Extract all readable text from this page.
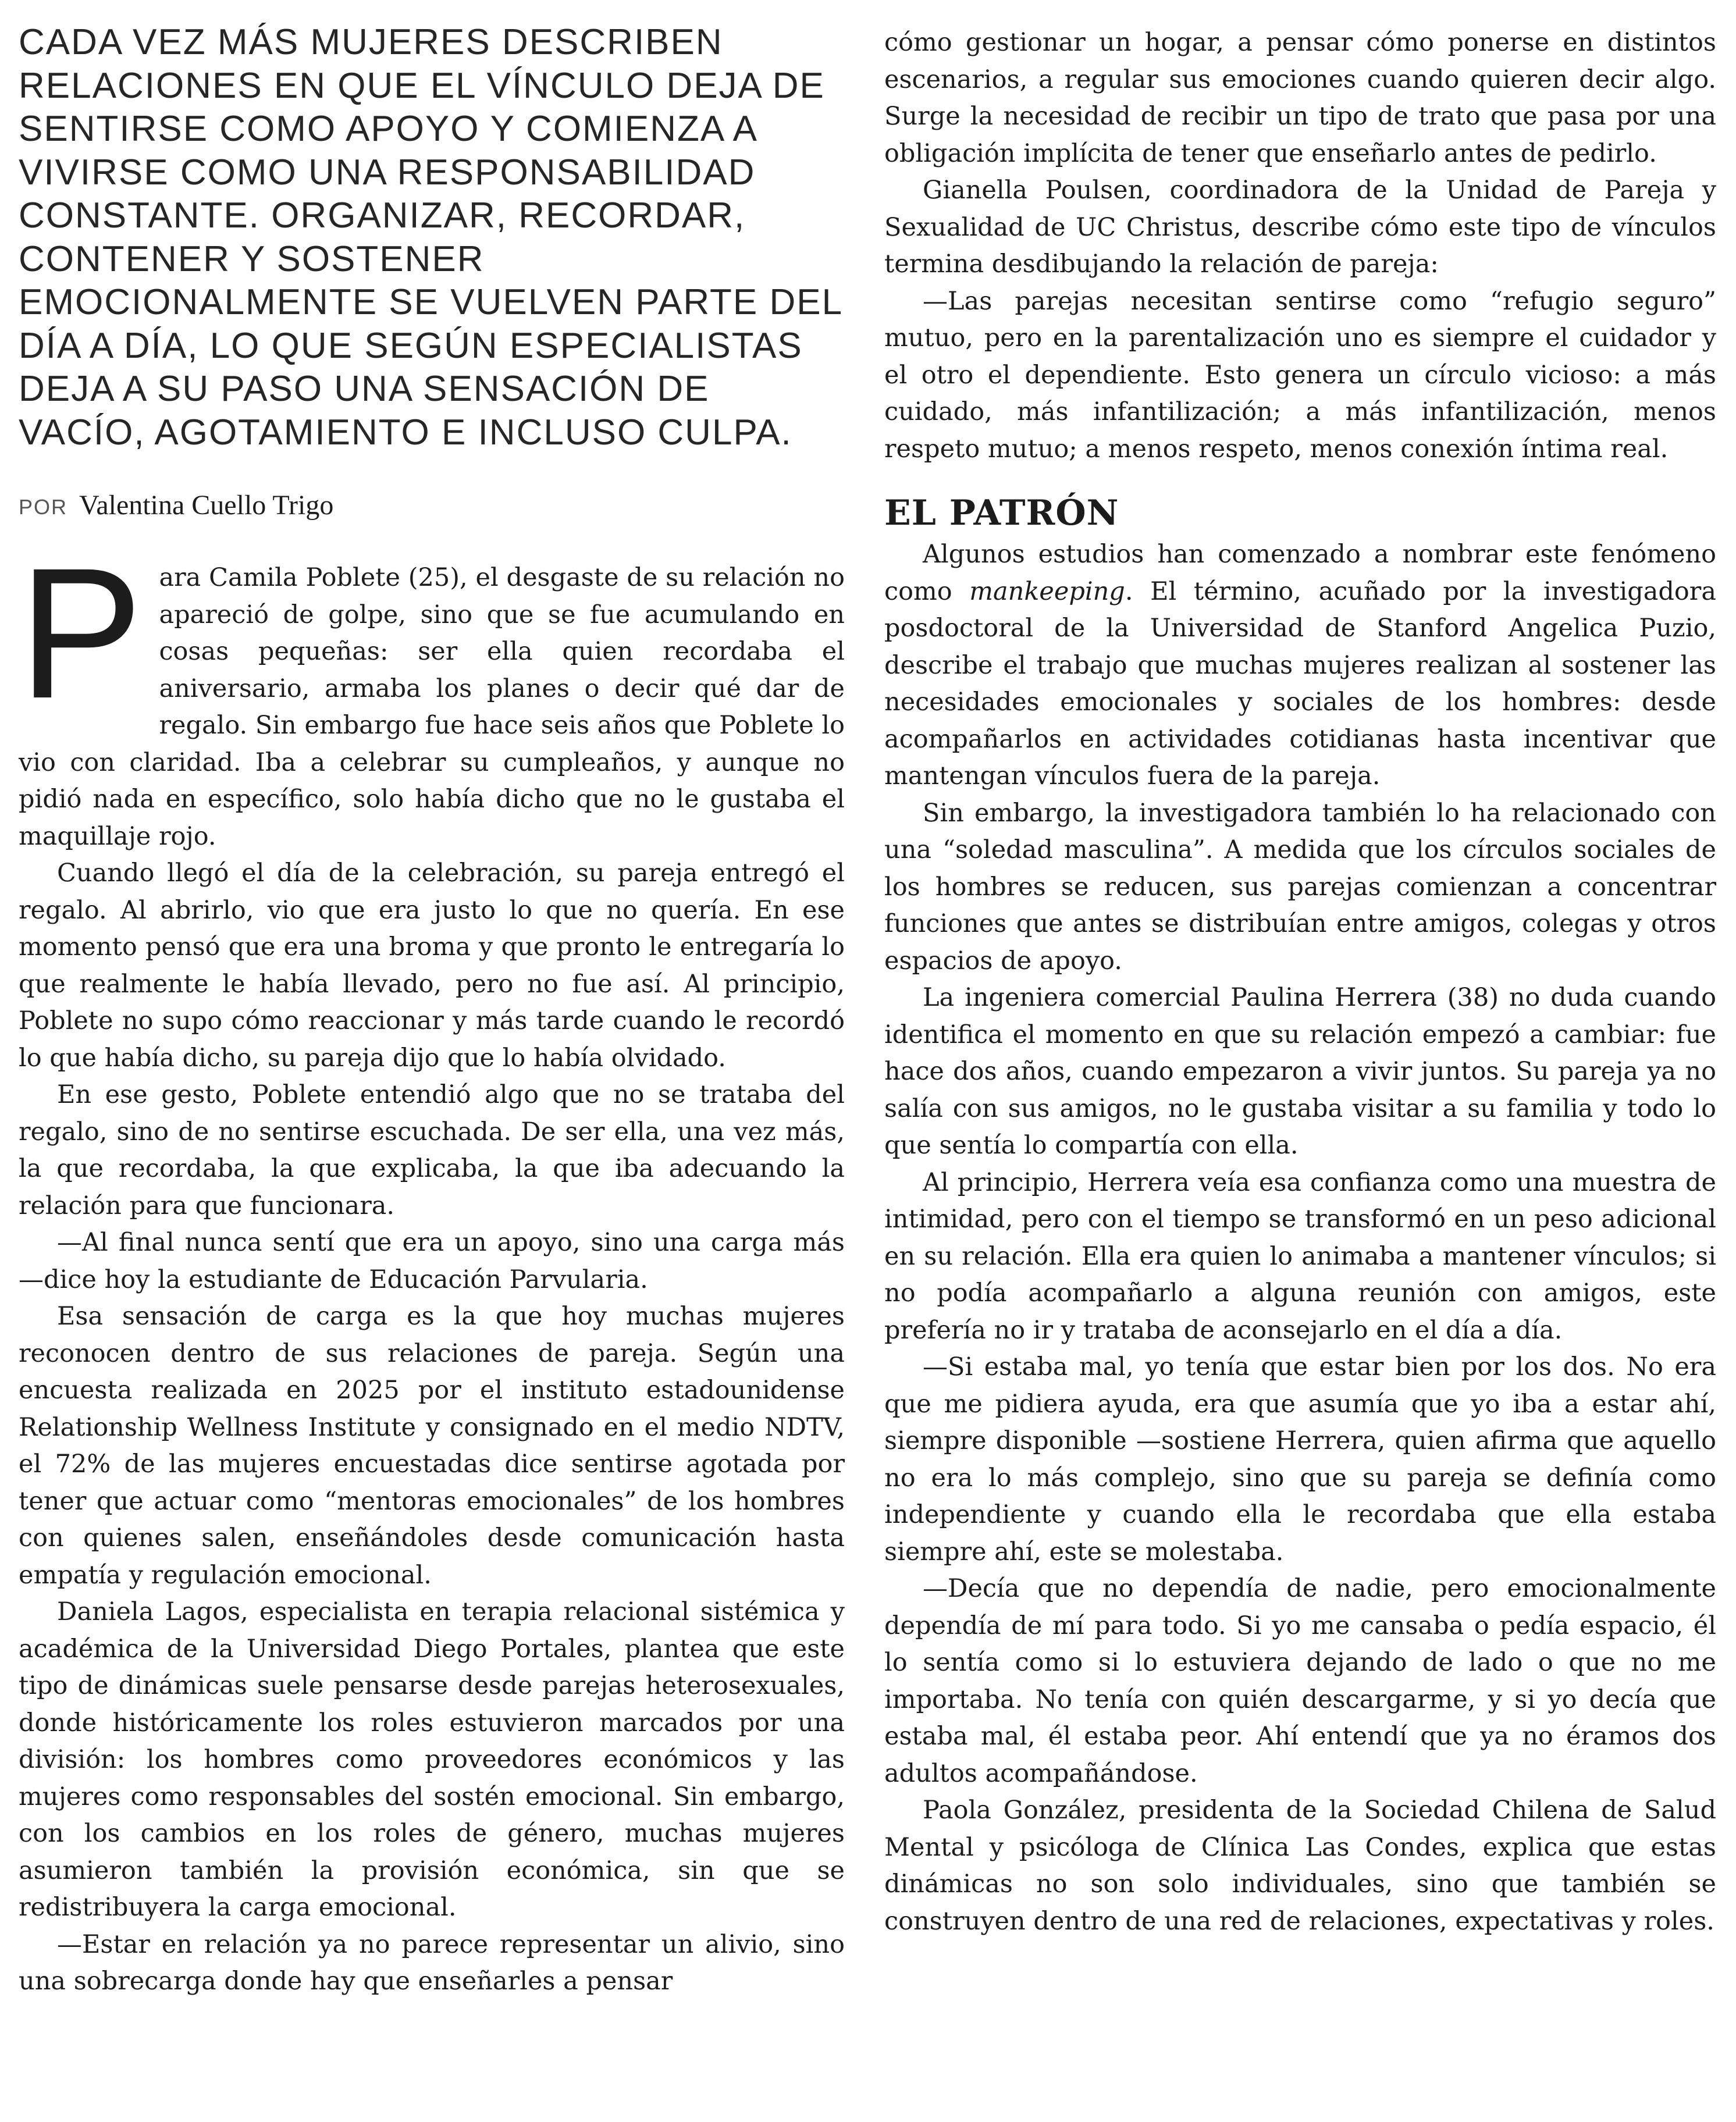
CADA VEZ MÁS MUJERES DESCRIBEN RELACIONES EN QUE EL VÍNCULO DEJA DE SENTIRSE COMO APOYO Y COMIENZA A VIVIRSE COMO UNA RESPONSABILIDAD CONSTANTE. ORGANIZAR, RECORDAR, CONTENER Y SOSTENER EMOCIONALMENTE SE VUELVEN PARTE DEL DÍA A DÍA, LO QUE SEGÚN ESPECIALISTAS DEJA A SU PASO UNA SENSACIÓN DE VACÍO, AGOTAMIENTO E INCLUSO CULPA.
POR Valentina Cuello Trigo

P ara Camila Poblete (25), el desgaste de su relación no apareció de golpe, sino que se fue acumulando en cosas pequeñas: ser ella quien recordaba el aniversario, armaba los planes o decir qué dar de regalo. Sin embargo fue hace seis años que Poblete lo vio con claridad. Iba a celebrar su cumpleaños, y aunque no pidió nada en específico, solo había dicho que no le gustaba el maquillaje rojo.

Cuando llegó el día de la celebración, su pareja entregó el regalo. Al abrirlo, vio que era justo lo que no quería. En ese momento pensó que era una broma y que pronto le entregaría lo que realmente le había llevado, pero no fue así. Al principio, Poblete no supo cómo reaccionar y más tarde cuando le recordó lo que había dicho, su pareja dijo que lo había olvidado.

En ese gesto, Poblete entendió algo que no se trataba del regalo, sino de no sentirse escuchada. De ser ella, una vez más, la que recordaba, la que explicaba, la que iba adecuando la relación para que funcionara.

—Al final nunca sentí que era un apoyo, sino una carga más —dice hoy la estudiante de Educación Parvularia.

Esa sensación de carga es la que hoy muchas mujeres reconocen dentro de sus relaciones de pareja. Según una encuesta realizada en 2025 por el instituto estadounidense Relationship Wellness Institute y consignado en el medio NDTV, el 72% de las mujeres encuestadas dice sentirse agotada por tener que actuar como “mentoras emocionales” de los hombres con quienes salen, enseñándoles desde comunicación hasta empatía y regulación emocional.

Daniela Lagos, especialista en terapia relacional sistémica y académica de la Universidad Diego Portales, plantea que este tipo de dinámicas suele pensarse desde parejas heterosexuales, donde históricamente los roles estuvieron marcados por una división: los hombres como proveedores económicos y las mujeres como responsables del sostén emocional. Sin embargo, con los cambios en los roles de género, muchas mujeres asumieron también la provisión económica, sin que se redistribuyera la carga emocional.

—Estar en relación ya no parece representar un alivio, sino una sobrecarga donde hay que enseñarles a pensar

cómo gestionar un hogar, a pensar cómo ponerse en distintos escenarios, a regular sus emociones cuando quieren decir algo. Surge la necesidad de recibir un tipo de trato que pasa por una obligación implícita de tener que enseñarlo antes de pedirlo.

Gianella Poulsen, coordinadora de la Unidad de Pareja y Sexualidad de UC Christus, describe cómo este tipo de vínculos termina desdibujando la relación de pareja:

—Las parejas necesitan sentirse como “refugio seguro” mutuo, pero en la parentalización uno es siempre el cuidador y el otro el dependiente. Esto genera un círculo vicioso: a más cuidado, más infantilización; a más infantilización, menos respeto mutuo; a menos respeto, menos conexión íntima real.

EL PATRÓN

Algunos estudios han comenzado a nombrar este fenómeno como mankeeping. El término, acuñado por la investigadora posdoctoral de la Universidad de Stanford Angelica Puzio, describe el trabajo que muchas mujeres realizan al sostener las necesidades emocionales y sociales de los hombres: desde acompañarlos en actividades cotidianas hasta incentivar que mantengan vínculos fuera de la pareja.

Sin embargo, la investigadora también lo ha relacionado con una “soledad masculina”. A medida que los círculos sociales de los hombres se reducen, sus parejas comienzan a concentrar funciones que antes se distribuían entre amigos, colegas y otros espacios de apoyo.

La ingeniera comercial Paulina Herrera (38) no duda cuando identifica el momento en que su relación empezó a cambiar: fue hace dos años, cuando empezaron a vivir juntos. Su pareja ya no salía con sus amigos, no le gustaba visitar a su familia y todo lo que sentía lo compartía con ella.

Al principio, Herrera veía esa confianza como una muestra de intimidad, pero con el tiempo se transformó en un peso adicional en su relación. Ella era quien lo animaba a mantener vínculos; si no podía acompañarlo a alguna reunión con amigos, este prefería no ir y trataba de aconsejarlo en el día a día.

—Si estaba mal, yo tenía que estar bien por los dos. No era que me pidiera ayuda, era que asumía que yo iba a estar ahí, siempre disponible —sostiene Herrera, quien afirma que aquello no era lo más complejo, sino que su pareja se definía como independiente y cuando ella le recordaba que ella estaba siempre ahí, este se molestaba.

—Decía que no dependía de nadie, pero emocionalmente dependía de mí para todo. Si yo me cansaba o pedía espacio, él lo sentía como si lo estuviera dejando de lado o que no me importaba. No tenía con quién descargarme, y si yo decía que estaba mal, él estaba peor. Ahí entendí que ya no éramos dos adultos acompañándose.

Paola González, presidenta de la Sociedad Chilena de Salud Mental y psicóloga de Clínica Las Condes, explica que estas dinámicas no son solo individuales, sino que también se construyen dentro de una red de relaciones, expectativas y roles.
